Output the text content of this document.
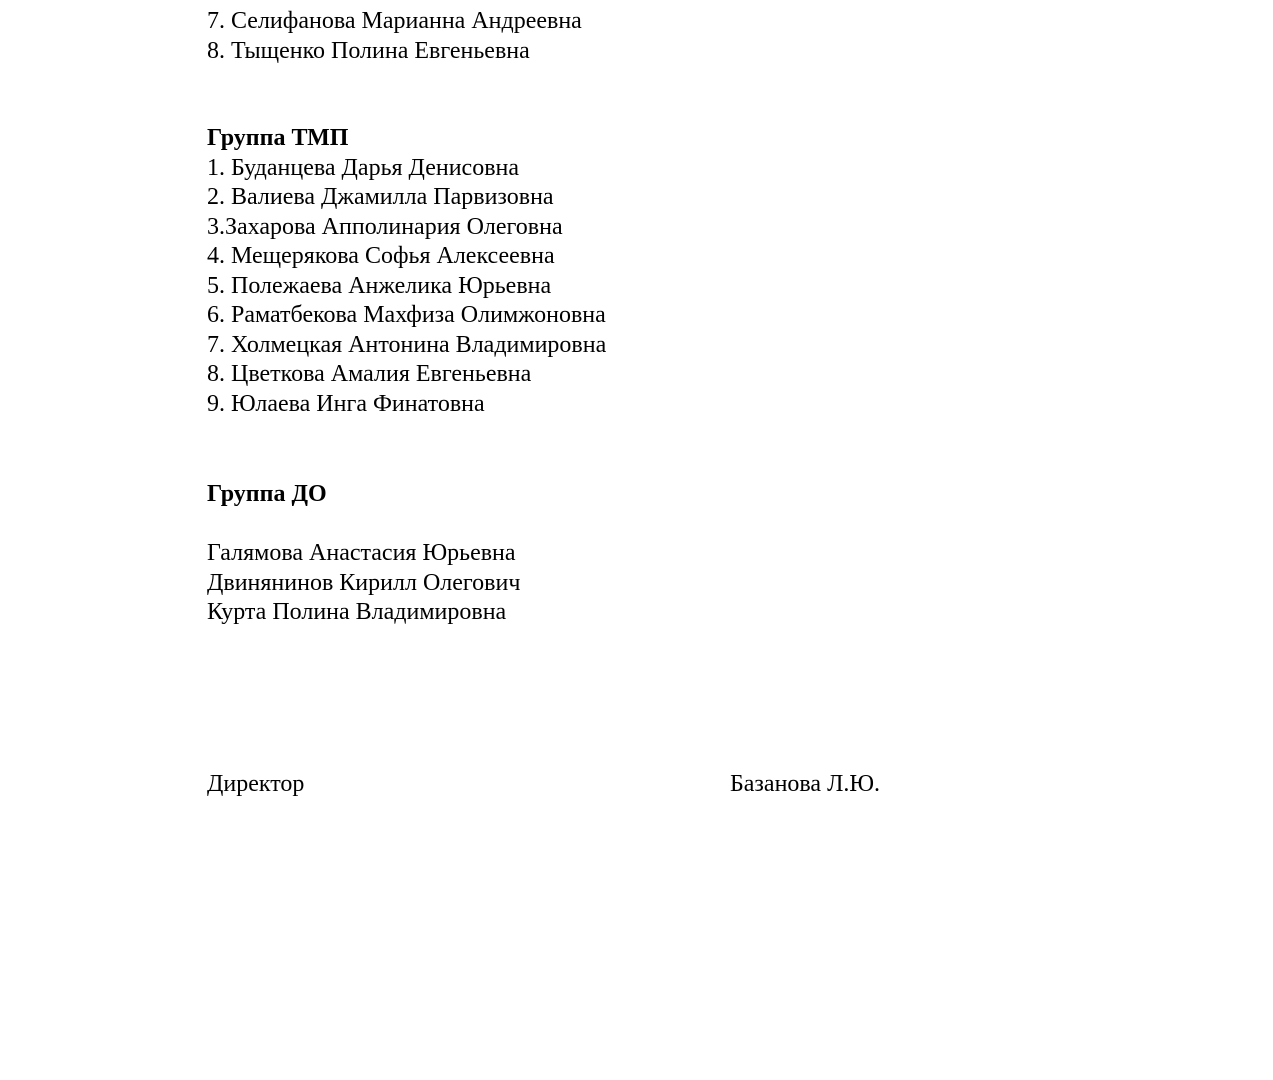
7. Селифанова Марианна Андреевна
8. Тыщенко Полина Евгеньевна
Группа ТМП
1. Буданцева Дарья Денисовна
2. Валиева Джамилла Парвизовна
3.Захарова Апполинария Олеговна
4. Мещерякова Софья Алексеевна
5. Полежаева Анжелика Юрьевна
6. Раматбекова Махфиза Олимжоновна
7. Холмецкая Антонина Владимировна
8. Цветкова Амалия Евгеньевна
9. Юлаева Инга Финатовна
Группа ДО
Галямова Анастасия Юрьевна
Двинянинов Кирилл Олегович
Курта Полина Владимировна
Директор	Базанова Л.Ю.
